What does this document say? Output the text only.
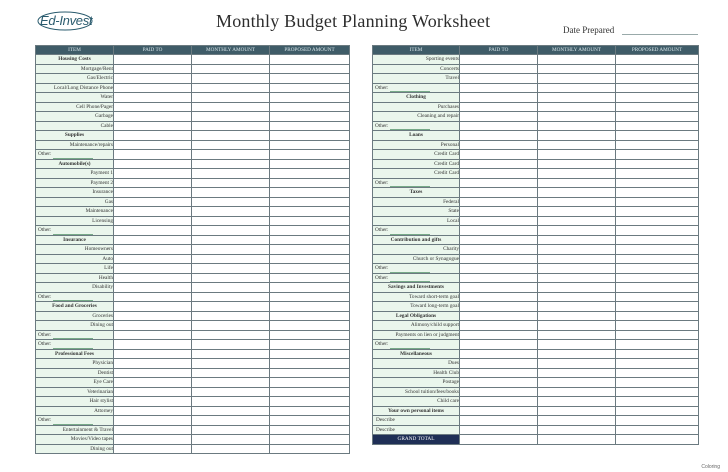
Ed-Invest	Monthly Budget Planning Worksheet	Date Prepared
ITEM	PAID TO	MONTHLY AMOUNT	PROPOSED AMOUNT
Housing Costs			
Mortgage/Rent			
Gas/Electric			
Local/Long Distance Phone			
Water			
Cell Phone/Pager			
Garbage			
Cable			
Supplies			
Maintenance/repairs			
Other:			
Automobile(s)			
Payment 1			
Payment 2			
Insurance			
Gas			
Maintenance			
Licensing			
Other:			
Insurance			
Homeowners			
Auto			
Life			
Health			
Disability			
Other:			
Food and Groceries			
Groceries			
Dining out			
Other:			
Other:			
Professional Fees			
Physician			
Dentist			
Eye Care			
Veterinarian			
Hair stylist			
Attorney			
Other:			
Entertainment & Travel			
Movies/Video tapes			
Dining out			
ITEM	PAID TO	MONTHLY AMOUNT	PROPOSED AMOUNT
Sporting events			
Concerts			
Travel			
Other:			
Clothing			
Purchases			
Cleaning and repair			
Other:			
Loans			
Personal			
Credit Card			
Credit Card			
Credit Card			
Other:			
Taxes			
Federal			
State			
Local			
Other:			
Contribution and gifts			
Charity			
Church or Synagogue			
Other:			
Other:			
Savings and Investments			
Toward short-term goal			
Toward long-term goal			
Legal Obligations			
Alimony/child support			
Payments on lien or judgment			
Other:			
Miscellaneous			
Dues			
Health Club			
Postage			
School tuition/fees/books			
Child care			
Your own personal items			
Describe			
Describe			
GRAND TOTAL			
Coloring
